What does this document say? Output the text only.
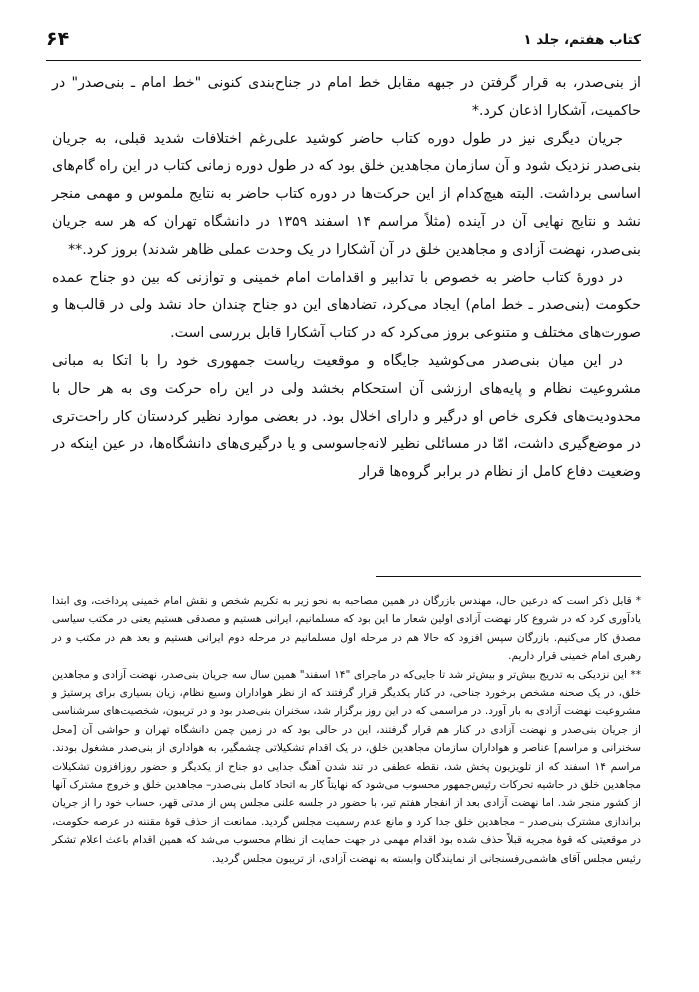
کتاب هفتم، جلد ۱
۶۴

از بنی‌صدر، به قرار گرفتن در جبهه مقابل خط امام در جناح‌بندی کنونی "خط امام ـ بنی‌صدر" در حاکمیت، آشکارا اذعان کرد.*

جریان دیگری نیز در طول دوره کتاب حاضر کوشید علی‌رغم اختلافات شدید قبلی، به جریان بنی‌صدر نزدیک شود و آن سازمان مجاهدین خلق بود که در طول دوره زمانی کتاب در این راه گام‌های اساسی برداشت. البته هیچ‌کدام از این حرکت‌ها در دوره کتاب حاضر به نتایج ملموس و مهمی منجر نشد و نتایج نهایی آن در آینده (مثلاً مراسم ۱۴ اسفند ۱۳۵۹ در دانشگاه تهران که هر سه جریان بنی‌صدر، نهضت آزادی و مجاهدین خلق در آن آشکارا در یک وحدت عملی ظاهر شدند) بروز کرد.**

در دورهٔ کتاب حاضر به خصوص با تدابیر و اقدامات امام خمینی و توازنی که بین دو جناح عمده حکومت (بنی‌صدر ـ خط امام) ایجاد می‌کرد، تضادهای این دو جناح چندان حاد نشد ولی در قالب‌ها و صورت‌های مختلف و متنوعی بروز می‌کرد که در کتاب آشکارا قابل بررسی است.

در این میان بنی‌صدر می‌کوشید جایگاه و موقعیت ریاست جمهوری خود را با اتکا به مبانی مشروعیت نظام و پایه‌های ارزشی آن استحکام بخشد ولی در این راه حرکت وی به هر حال با محدودیت‌های فکری خاص او درگیر و دارای اخلال بود. در بعضی موارد نظیر کردستان کار راحت‌تری در موضع‌گیری داشت، امّا در مسائلی نظیر لانه‌جاسوسی و یا درگیری‌های دانشگاه‌ها، در عین اینکه در وضعیت دفاع کامل از نظام در برابر گروه‌ها قرار

* قابل ذکر است که درعین حال، مهندس بازرگان در همین مصاحبه به نحو زیر به تکریم شخص و نقش امام خمینی پرداخت، وی ابتدا یادآوری کرد که در شروع کار نهضت آزادی اولین شعار ما این بود که مسلمانیم، ایرانی هستیم و مصدقی هستیم یعنی در مکتب سیاسی مصدق کار می‌کنیم. بازرگان سپس افزود که حالا هم در مرحله اول مسلمانیم در مرحله دوم ایرانی هستیم و بعد هم در مکتب و در رهبری امام خمینی قرار داریم.

** این نزدیکی به تدریج بیش‌تر و بیش‌تر شد تا جایی‌که در ماجرای "۱۴ اسفند" همین سال سه جریان بنی‌صدر، نهضت آزادی و مجاهدین خلق، در یک صحنه مشخص برخورد جناحی، در کنار یکدیگر قرار گرفتند که از نظر هواداران وسیع نظام، زیان بسیاری برای پرستیژ و مشروعیت نهضت آزادی به بار آورد. در مراسمی که در این روز برگزار شد، سخنران بنی‌صدر بود و در تریبون، شخصیت‌های سرشناسی از جریان بنی‌صدر و نهضت آزادی در کنار هم قرار گرفتند، این در حالی بود که در زمین چمن دانشگاه تهران و حواشی آن [محل سخنرانی و مراسم] عناصر و هواداران سازمان مجاهدین خلق، در یک اقدام تشکیلاتی چشمگیر، به هواداری از بنی‌صدر مشغول بودند. مراسم ۱۴ اسفند که از تلویزیون پخش شد، نقطه عطفی در تند شدن آهنگ جدایی دو جناح از یکدیگر و حضور روزافزون تشکیلات مجاهدین خلق در حاشیه تحرکات رئیس‌جمهور محسوب می‌شود که نهایتاً کار به اتحاد کامل بنی‌صدر– مجاهدین خلق و خروج مشترک آنها از کشور منجر شد. اما نهضت آزادی بعد از انفجار هفتم تیر، با حضور در جلسه علنی مجلس پس از مدتی قهر، حساب خود را از جریان براندازی مشترک بنی‌صدر – مجاهدین خلق جدا کرد و مانع عدم رسمیت مجلس گردید. ممانعت از حذف قوهٔ مقننه در عرصه حکومت، در موقعیتی که قوهٔ مجریه قبلاً حذف شده بود اقدام مهمی در جهت حمایت از نظام محسوب می‌شد که همین اقدام باعث اعلام تشکر رئیس مجلس آقای هاشمی‌رفسنجانی از نمایندگان وابسته به نهضت آزادی، از تریبون مجلس گردید.
